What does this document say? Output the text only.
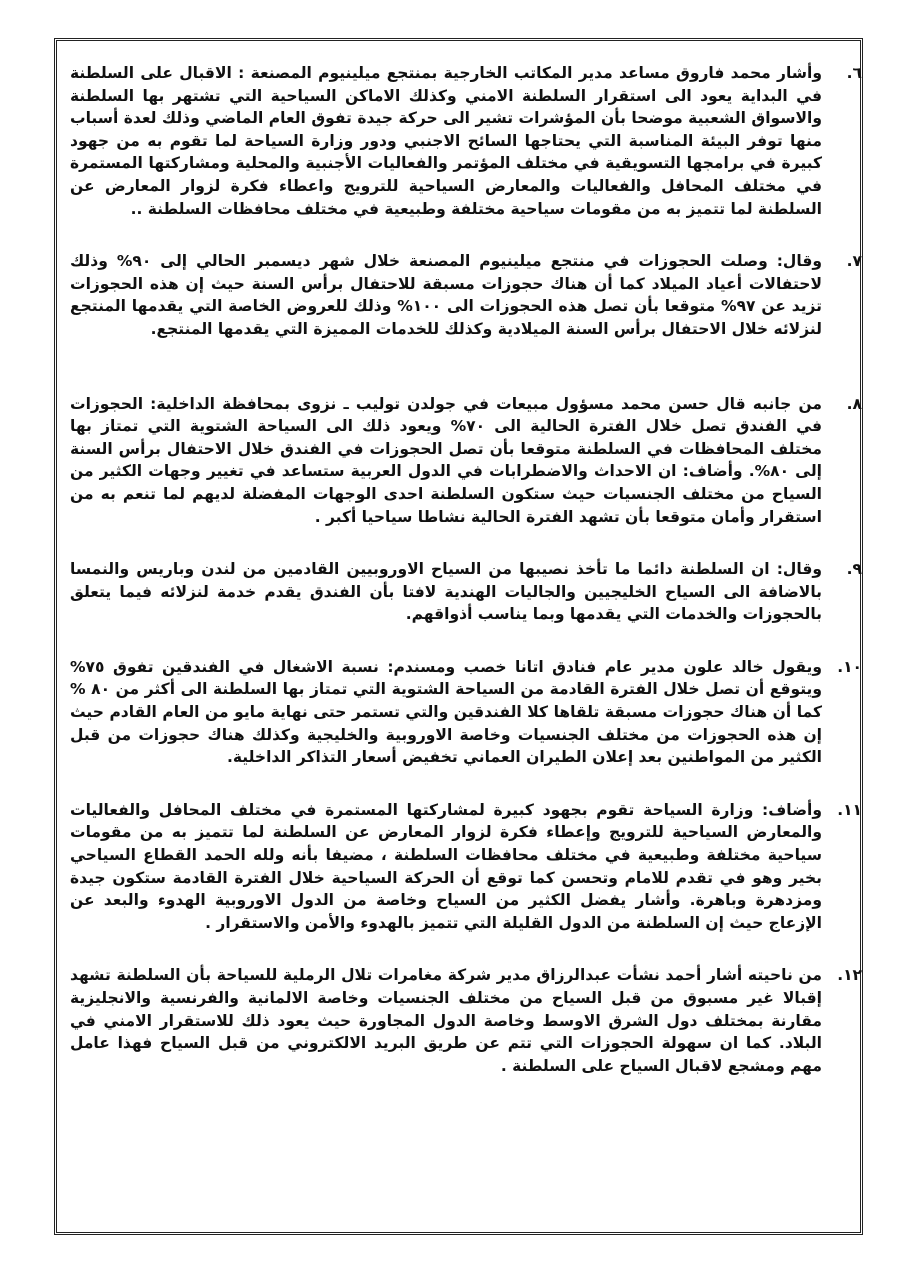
٦.

وأشار محمد فاروق مساعد مدير المكاتب الخارجية بمنتجع ميلينيوم المصنعة : الاقبال على السلطنة في البداية يعود الى استقرار السلطنة الامني وكذلك الاماكن السياحية التي تشتهر بها السلطنة والاسواق الشعبية موضحا بأن المؤشرات تشير الى حركة جيدة تفوق العام الماضي وذلك لعدة أسباب منها توفر البيئة المناسبة التي يحتاجها السائح الاجنبي ودور وزارة السياحة لما تقوم به من جهود كبيرة في برامجها التسويقية في مختلف المؤتمر والفعاليات الأجنبية والمحلية ومشاركتها المستمرة في مختلف المحافل والفعاليات والمعارض السياحية للترويج واعطاء فكرة لزوار المعارض عن السلطنة لما تتميز به من مقومات سياحية مختلفة وطبيعية في مختلف محافظات السلطنة ..

٧.

وقال: وصلت الحجوزات في منتجع ميلينيوم المصنعة خلال شهر ديسمبر الحالي إلى ٩٠% وذلك لاحتفالات أعياد الميلاد كما أن هناك حجوزات مسبقة للاحتفال برأس السنة حيث إن هذه الحجوزات تزيد عن ٩٧% متوقعا بأن تصل هذه الحجوزات الى ١٠٠% وذلك للعروض الخاصة التي يقدمها المنتجع لنزلائه خلال الاحتفال برأس السنة الميلادية وكذلك للخدمات المميزة التي يقدمها المنتجع.

٨.

من جانبه قال حسن محمد مسؤول مبيعات في جولدن توليب ـ نزوى بمحافظة الداخلية: الحجوزات في الفندق تصل خلال الفترة الحالية الى ٧٠% ويعود ذلك الى السياحة الشتوية التي تمتاز بها مختلف المحافظات في السلطنة متوقعا بأن تصل الحجوزات في الفندق خلال الاحتفال برأس السنة إلى ٨٠%. وأضاف: ان الاحداث والاضطرابات في الدول العربية ستساعد في تغيير وجهات الكثير من السياح من مختلف الجنسيات حيث ستكون السلطنة احدى الوجهات المفضلة لديهم لما تنعم به من استقرار وأمان متوقعا بأن تشهد الفترة الحالية نشاطا سياحيا أكبر .

٩.

وقال: ان السلطنة دائما ما تأخذ نصيبها من السياح الاوروبيين القادمين من لندن وباريس والنمسا بالاضافة الى السياح الخليجيين والجاليات الهندية لافتا بأن الفندق يقدم خدمة لنزلائه فيما يتعلق بالحجوزات والخدمات التي يقدمها وبما يناسب أذواقهم.

١٠.

ويقول خالد علون مدير عام فنادق اتانا خصب ومسندم: نسبة الاشغال في الفندقين تفوق ٧٥% ويتوقع أن تصل خلال الفترة القادمة من السياحة الشتوية التي تمتاز بها السلطنة الى أكثر من ٨٠ % كما أن هناك حجوزات مسبقة تلقاها كلا الفندقين والتي تستمر حتى نهاية مايو من العام القادم حيث إن هذه الحجوزات من مختلف الجنسيات وخاصة الاوروبية والخليجية وكذلك هناك حجوزات من قبل الكثير من المواطنين بعد إعلان الطيران العماني تخفيض أسعار التذاكر الداخلية.

١١.

وأضاف: وزارة السياحة تقوم بجهود كبيرة لمشاركتها المستمرة في مختلف المحافل والفعاليات والمعارض السياحية للترويج وإعطاء فكرة لزوار المعارض عن السلطنة لما تتميز به من مقومات سياحية مختلفة وطبيعية في مختلف محافظات السلطنة ، مضيفا بأنه ولله الحمد القطاع السياحي بخير وهو في تقدم للامام وتحسن كما توقع أن الحركة السياحية خلال الفترة القادمة ستكون جيدة ومزدهرة وباهرة. وأشار يفضل الكثير من السياح وخاصة من الدول الاوروبية الهدوء والبعد عن الإزعاج حيث إن السلطنة من الدول القليلة التي تتميز بالهدوء والأمن والاستقرار .

١٢.

من ناحيته أشار أحمد نشأت عبدالرزاق مدير شركة مغامرات تلال الرملية للسياحة بأن السلطنة تشهد إقبالا غير مسبوق من قبل السياح من مختلف الجنسيات وخاصة الالمانية والفرنسية والانجليزية مقارنة بمختلف دول الشرق الاوسط وخاصة الدول المجاورة حيث يعود ذلك للاستقرار الامني في البلاد. كما ان سهولة الحجوزات التي تتم عن طريق البريد الالكتروني من قبل السياح فهذا عامل مهم ومشجع لاقبال السياح على السلطنة .
